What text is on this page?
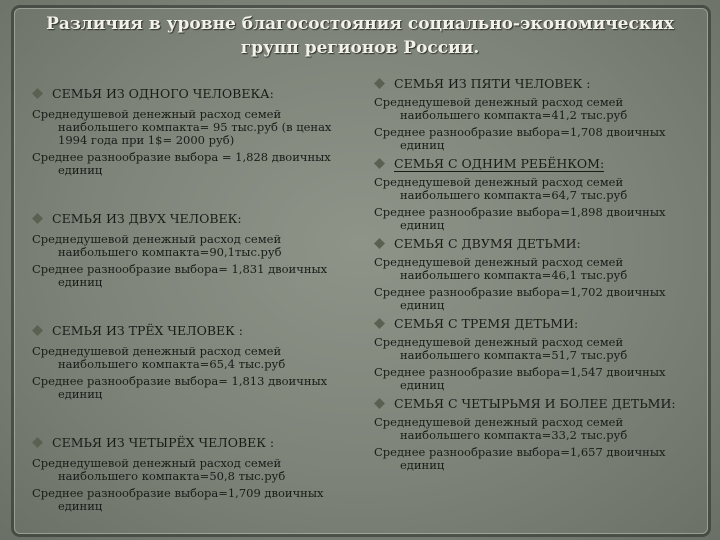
Различия в уровне благосостояния социально-экономических
групп регионов России.
СЕМЬЯ ИЗ ОДНОГО ЧЕЛОВЕКА:
Среднедушевой денежный расход семей
наибольшего компакта= 95 тыс.руб (в ценах
1994 года при 1$= 2000 руб)
Среднее разнообразие выбора = 1,828 двоичных
единиц
СЕМЬЯ ИЗ ДВУХ ЧЕЛОВЕК:
Среднедушевой денежный расход семей
наибольшего компакта=90,1тыс.руб
Среднее разнообразие выбора= 1,831 двоичных
единиц
СЕМЬЯ ИЗ ТРЁХ ЧЕЛОВЕК :
Среднедушевой денежный расход семей
наибольшего компакта=65,4 тыс.руб
Среднее разнообразие выбора= 1,813 двоичных
единиц
СЕМЬЯ ИЗ ЧЕТЫРЁХ ЧЕЛОВЕК :
Среднедушевой денежный расход семей
наибольшего компакта=50,8 тыс.руб
Среднее разнообразие выбора=1,709 двоичных
единиц
СЕМЬЯ ИЗ ПЯТИ ЧЕЛОВЕК :
Среднедушевой денежный расход семей
наибольшего компакта=41,2 тыс.руб
Среднее разнообразие выбора=1,708 двоичных
единиц
СЕМЬЯ С ОДНИМ РЕБЁНКОМ:
Среднедушевой денежный расход семей
наибольшего компакта=64,7 тыс.руб
Среднее разнообразие выбора=1,898 двоичных
единиц
СЕМЬЯ С ДВУМЯ ДЕТЬМИ:
Среднедушевой денежный расход семей
наибольшего компакта=46,1 тыс.руб
Среднее разнообразие выбора=1,702 двоичных
единиц
СЕМЬЯ С ТРЕМЯ ДЕТЬМИ:
Среднедушевой денежный расход семей
наибольшего компакта=51,7 тыс.руб
Среднее разнообразие выбора=1,547 двоичных
единиц
СЕМЬЯ С ЧЕТЫРЬМЯ И БОЛЕЕ ДЕТЬМИ:
Среднедушевой денежный расход семей
наибольшего компакта=33,2 тыс.руб
Среднее разнообразие выбора=1,657 двоичных
единиц
